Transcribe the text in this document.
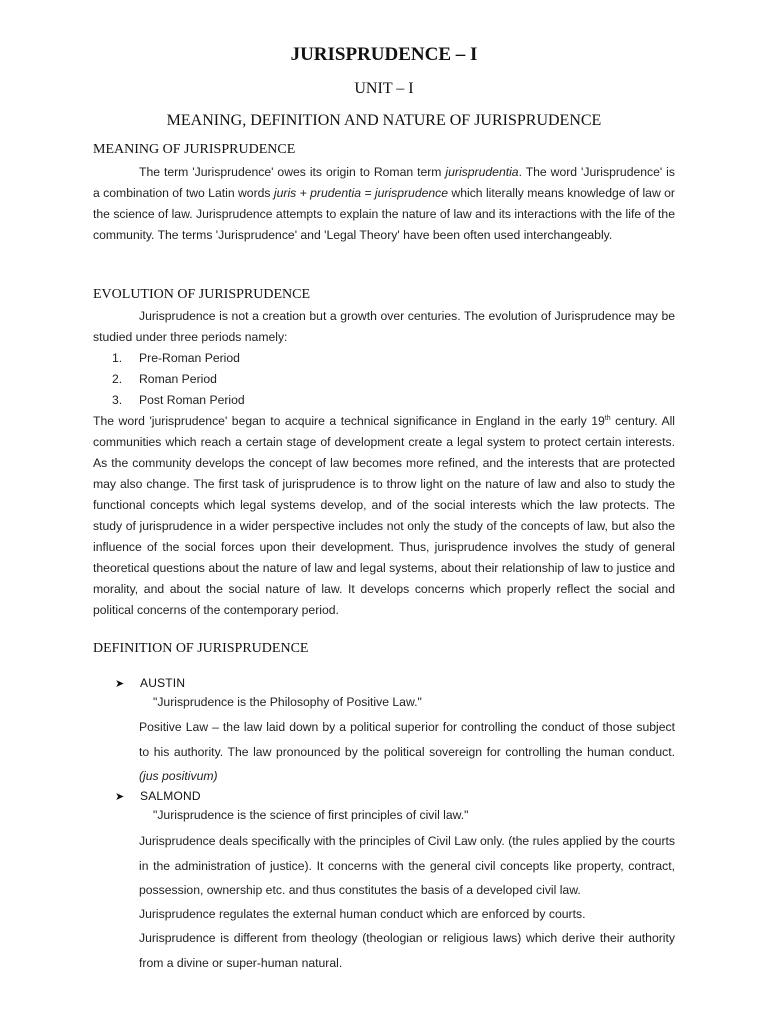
JURISPRUDENCE – I
UNIT – I
MEANING, DEFINITION AND NATURE OF JURISPRUDENCE
MEANING OF JURISPRUDENCE
The term 'Jurisprudence' owes its origin to Roman term jurisprudentia. The word 'Jurisprudence' is a combination of two Latin words juris + prudentia = jurisprudence which literally means knowledge of law or the science of law. Jurisprudence attempts to explain the nature of law and its interactions with the life of the community. The terms 'Jurisprudence' and 'Legal Theory' have been often used interchangeably.
EVOLUTION OF JURISPRUDENCE
Jurisprudence is not a creation but a growth over centuries. The evolution of Jurisprudence may be studied under three periods namely:
1. Pre-Roman Period
2. Roman Period
3. Post Roman Period
The word 'jurisprudence' began to acquire a technical significance in England in the early 19th century. All communities which reach a certain stage of development create a legal system to protect certain interests. As the community develops the concept of law becomes more refined, and the interests that are protected may also change. The first task of jurisprudence is to throw light on the nature of law and also to study the functional concepts which legal systems develop, and of the social interests which the law protects. The study of jurisprudence in a wider perspective includes not only the study of the concepts of law, but also the influence of the social forces upon their development. Thus, jurisprudence involves the study of general theoretical questions about the nature of law and legal systems, about their relationship of law to justice and morality, and about the social nature of law. It develops concerns which properly reflect the social and political concerns of the contemporary period.
DEFINITION OF JURISPRUDENCE
➤ AUSTIN
"Jurisprudence is the Philosophy of Positive Law."
Positive Law – the law laid down by a political superior for controlling the conduct of those subject to his authority. The law pronounced by the political sovereign for controlling the human conduct. (jus positivum)
➤ SALMOND
"Jurisprudence is the science of first principles of civil law."
Jurisprudence deals specifically with the principles of Civil Law only. (the rules applied by the courts in the administration of justice). It concerns with the general civil concepts like property, contract, possession, ownership etc. and thus constitutes the basis of a developed civil law.
Jurisprudence regulates the external human conduct which are enforced by courts.
Jurisprudence is different from theology (theologian or religious laws) which derive their authority from a divine or super-human natural.
